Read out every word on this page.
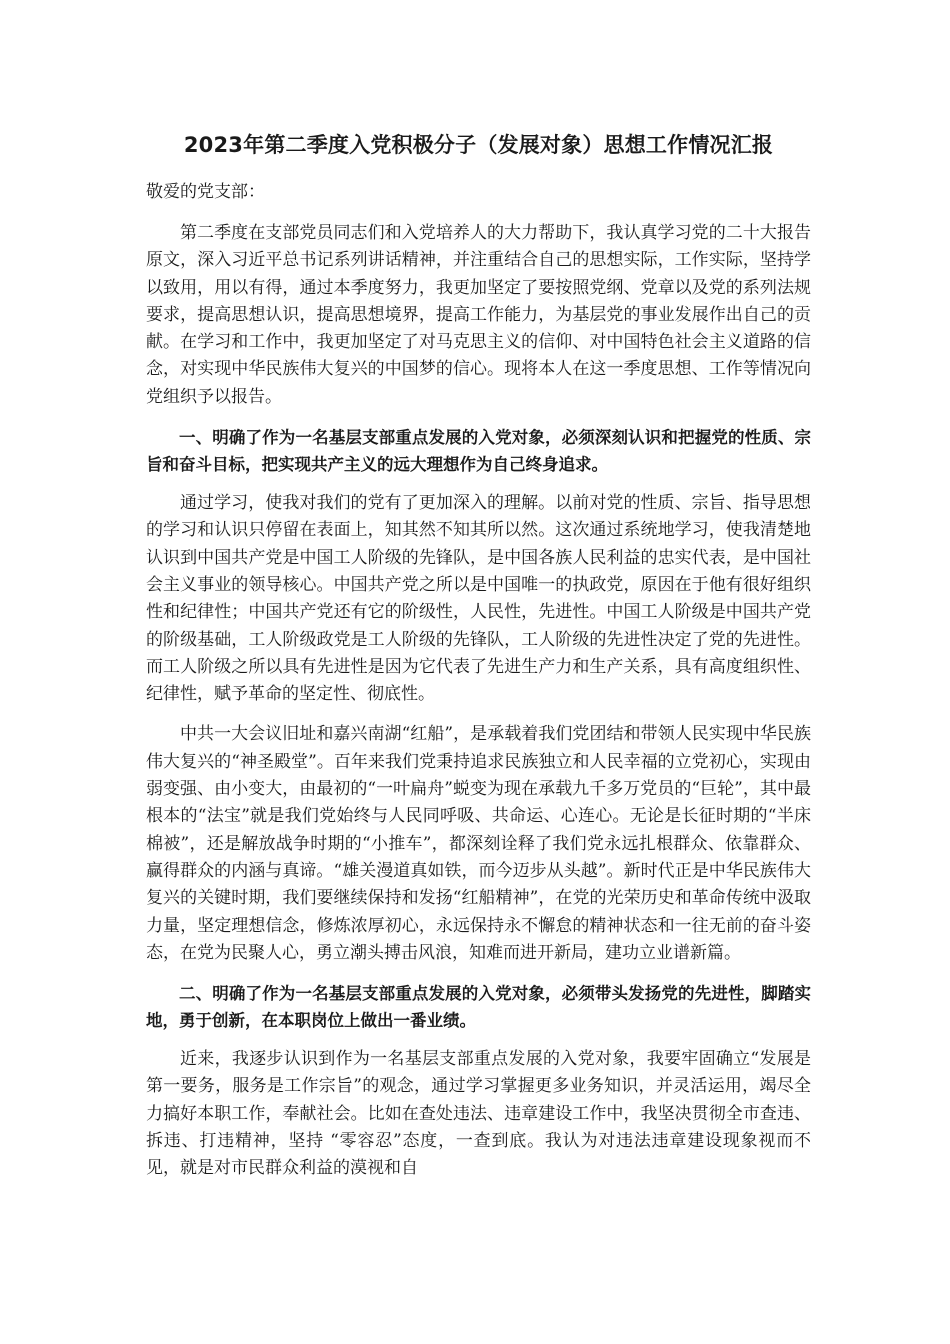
2023年第二季度入党积极分子（发展对象）思想工作情况汇报
敬爱的党支部：

第二季度在支部党员同志们和入党培养人的大力帮助下，我认真学习党的二十大报告原文，深入习近平总书记系列讲话精神，并注重结合自己的思想实际，工作实际，坚持学以致用，用以有得，通过本季度努力，我更加坚定了要按照党纲、党章以及党的系列法规要求，提高思想认识，提高思想境界，提高工作能力，为基层党的事业发展作出自己的贡献。在学习和工作中，我更加坚定了对马克思主义的信仰、对中国特色社会主义道路的信念，对实现中华民族伟大复兴的中国梦的信心。现将本人在这一季度思想、工作等情况向党组织予以报告。

一、明确了作为一名基层支部重点发展的入党对象，必须深刻认识和把握党的性质、宗旨和奋斗目标，把实现共产主义的远大理想作为自己终身追求。

通过学习，使我对我们的党有了更加深入的理解。以前对党的性质、宗旨、指导思想的学习和认识只停留在表面上，知其然不知其所以然。这次通过系统地学习，使我清楚地认识到中国共产党是中国工人阶级的先锋队，是中国各族人民利益的忠实代表，是中国社会主义事业的领导核心。中国共产党之所以是中国唯一的执政党，原因在于他有很好组织性和纪律性；中国共产党还有它的阶级性，人民性，先进性。中国工人阶级是中国共产党的阶级基础，工人阶级政党是工人阶级的先锋队，工人阶级的先进性决定了党的先进性。而工人阶级之所以具有先进性是因为它代表了先进生产力和生产关系，具有高度组织性、纪律性，赋予革命的坚定性、彻底性。

中共一大会议旧址和嘉兴南湖“红船”，是承载着我们党团结和带领人民实现中华民族伟大复兴的“神圣殿堂”。百年来我们党秉持追求民族独立和人民幸福的立党初心，实现由弱变强、由小变大，由最初的“一叶扁舟”蜕变为现在承载九千多万党员的“巨轮”，其中最根本的“法宝”就是我们党始终与人民同呼吸、共命运、心连心。无论是长征时期的“半床棉被”，还是解放战争时期的“小推车”，都深刻诠释了我们党永远扎根群众、依靠群众、赢得群众的内涵与真谛。“雄关漫道真如铁，而今迈步从头越”。新时代正是中华民族伟大复兴的关键时期，我们要继续保持和发扬“红船精神”，在党的光荣历史和革命传统中汲取力量，坚定理想信念，修炼浓厚初心，永远保持永不懈怠的精神状态和一往无前的奋斗姿态，在党为民聚人心，勇立潮头搏击风浪，知难而进开新局，建功立业谱新篇。

二、明确了作为一名基层支部重点发展的入党对象，必须带头发扬党的先进性，脚踏实地，勇于创新，在本职岗位上做出一番业绩。

近来，我逐步认识到作为一名基层支部重点发展的入党对象，我要牢固确立“发展是第一要务，服务是工作宗旨”的观念，通过学习掌握更多业务知识，并灵活运用，竭尽全力搞好本职工作，奉献社会。比如在查处违法、违章建设工作中，我坚决贯彻全市查违、拆违、打违精神，坚持 “零容忍”态度，一查到底。我认为对违法违章建设现象视而不见，就是对市民群众利益的漠视和自
